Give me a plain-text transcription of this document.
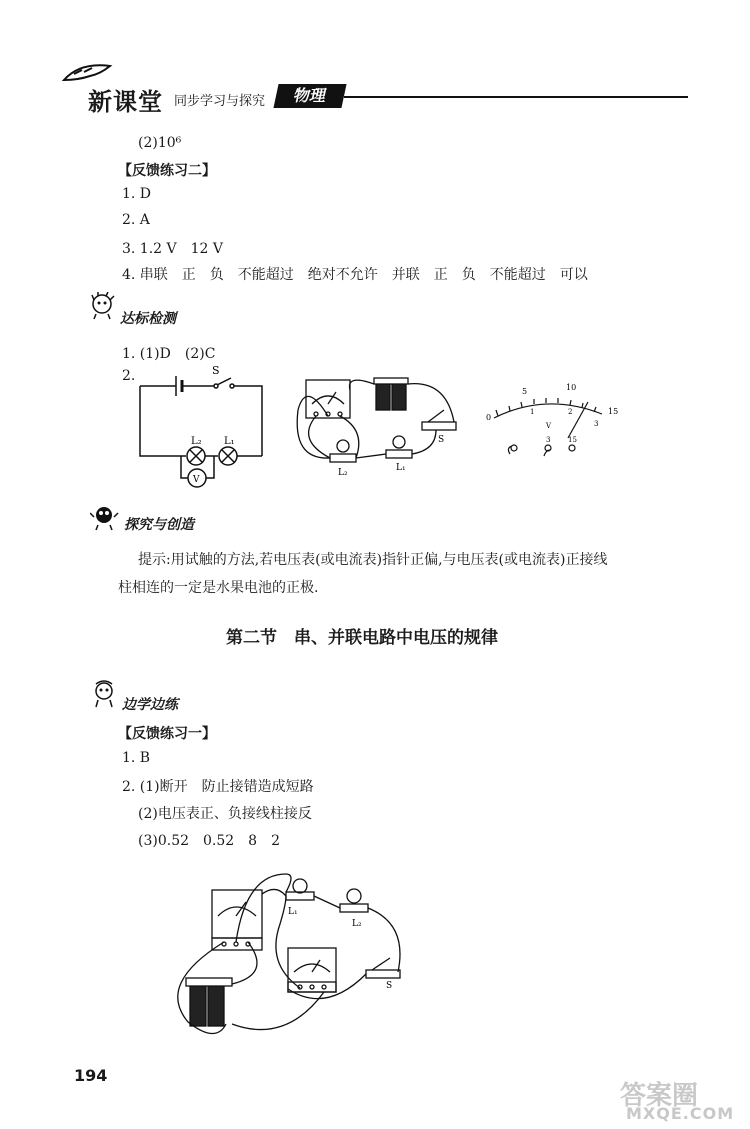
新课堂 同步学习与探究	物理
(2)10⁶
【反馈练习二】
1. D
2. A
3. 1.2 V　12 V
4. 串联　正　负　不能超过　绝对不允许　并联　正　负　不能超过　可以
达标检测
1. (1)D　(2)C
2.	S
L₂ L₁
V
L₂	L₁
S
5	10
15
0
1	2
3
V
3	15
探究与创造
提示:用试触的方法,若电压表(或电流表)指针正偏,与电压表(或电流表)正接线
柱相连的一定是水果电池的正极.
第二节　串、并联电路中电压的规律
边学边练
【反馈练习一】
1. B
2. (1)断开　防止接错造成短路
(2)电压表正、负接线柱接反
(3)0.52　0.52　8　2
L₁
L₂
S
194
答案圈
MXQE.COM
